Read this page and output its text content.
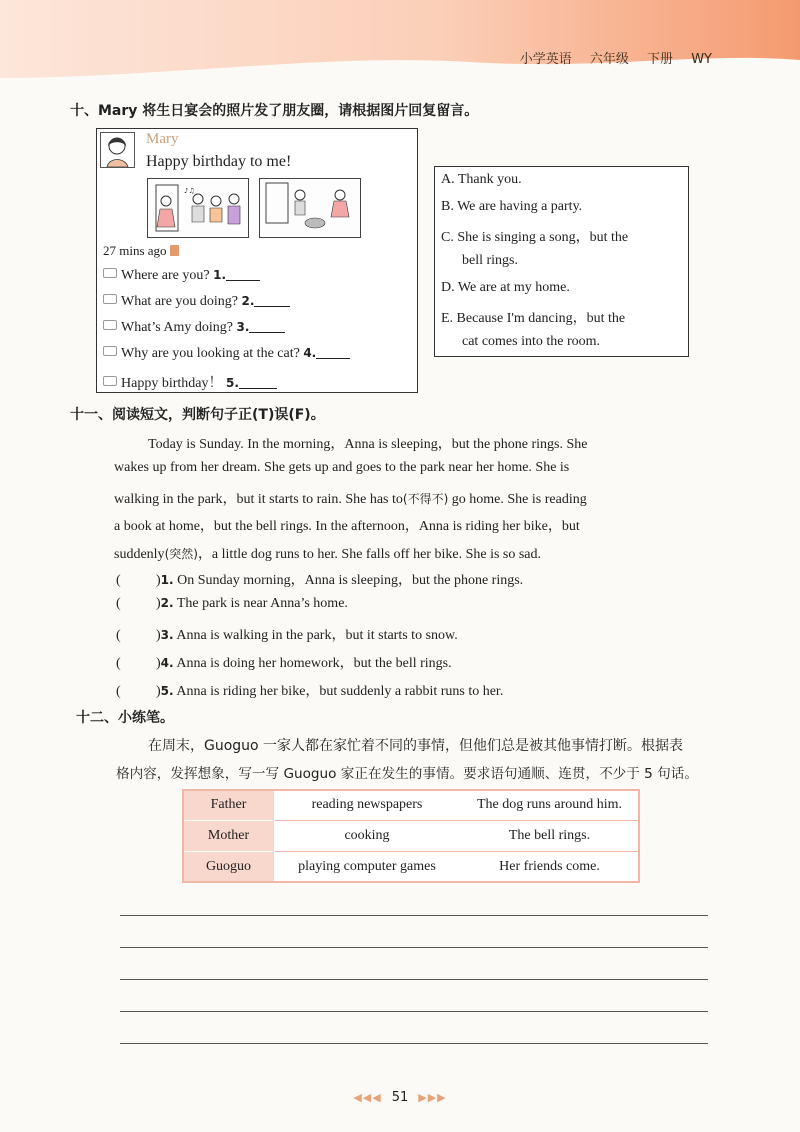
小学英语 六年级 下册 WY
十、Mary 将生日宴会的照片发了朋友圈，请根据图片回复留言。
Mary
Happy birthday to me!
♪♫
27 mins ago
Where are you? 1.
What are you doing? 2.
What’s Amy doing? 3.
Why are you looking at the cat? 4.
Happy birthday！ 5.
A. Thank you.
B. We are having a party.
C. She is singing a song，but the
bell rings.
D. We are at my home.
E. Because I'm dancing，but the
cat comes into the room.
十一、阅读短文，判断句子正(T)误(F)。
Today is Sunday. In the morning，Anna is sleeping，but the phone rings. She
wakes up from her dream. She gets up and goes to the park near her home. She is
walking in the park，but it starts to rain. She has to(不得不) go home. She is reading
a book at home，but the bell rings. In the afternoon，Anna is riding her bike，but
suddenly(突然)，a little dog runs to her. She falls off her bike. She is so sad.
(	)1. On Sunday morning，Anna is sleeping，but the phone rings.
(	)2. The park is near Anna’s home.
(	)3. Anna is walking in the park，but it starts to snow.
(	)4. Anna is doing her homework，but the bell rings.
(	)5. Anna is riding her bike，but suddenly a rabbit runs to her.
十二、小练笔。
在周末，Guoguo 一家人都在家忙着不同的事情，但他们总是被其他事情打断。根据表
格内容，发挥想象，写一写 Guoguo 家正在发生的事情。要求语句通顺、连贯，不少于 5 句话。
Father	reading newspapers	The dog runs around him.
Mother	cooking	The bell rings.
Guoguo	playing computer games	Her friends come.
◀◀◀ 51 ▶▶▶
